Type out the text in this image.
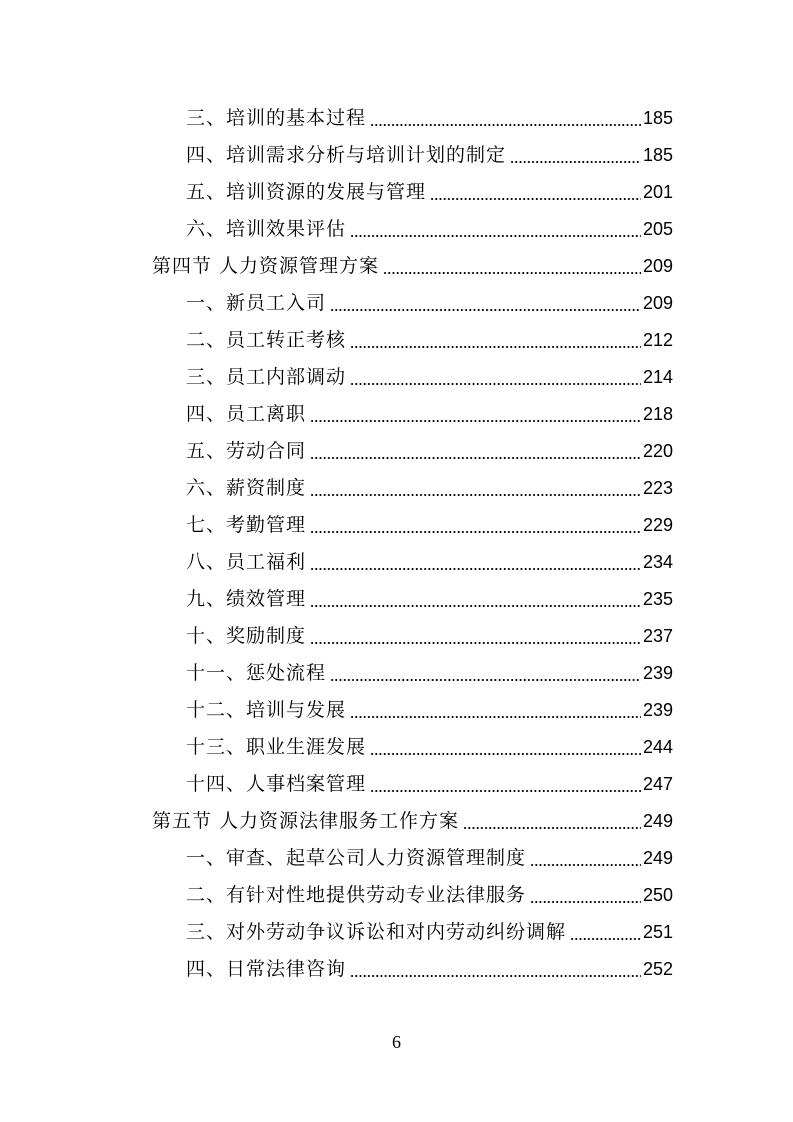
三、培训的基本过程	185
四、培训需求分析与培训计划的制定	185
五、培训资源的发展与管理	201
六、培训效果评估	205
第四节 人力资源管理方案	209
一、新员工入司	209
二、员工转正考核	212
三、员工内部调动	214
四、员工离职	218
五、劳动合同	220
六、薪资制度	223
七、考勤管理	229
八、员工福利	234
九、绩效管理	235
十、奖励制度	237
十一、惩处流程	239
十二、培训与发展	239
十三、职业生涯发展	244
十四、人事档案管理	247
第五节 人力资源法律服务工作方案	249
一、审查、起草公司人力资源管理制度	249
二、有针对性地提供劳动专业法律服务	250
三、对外劳动争议诉讼和对内劳动纠纷调解	251
四、日常法律咨询	252
6
